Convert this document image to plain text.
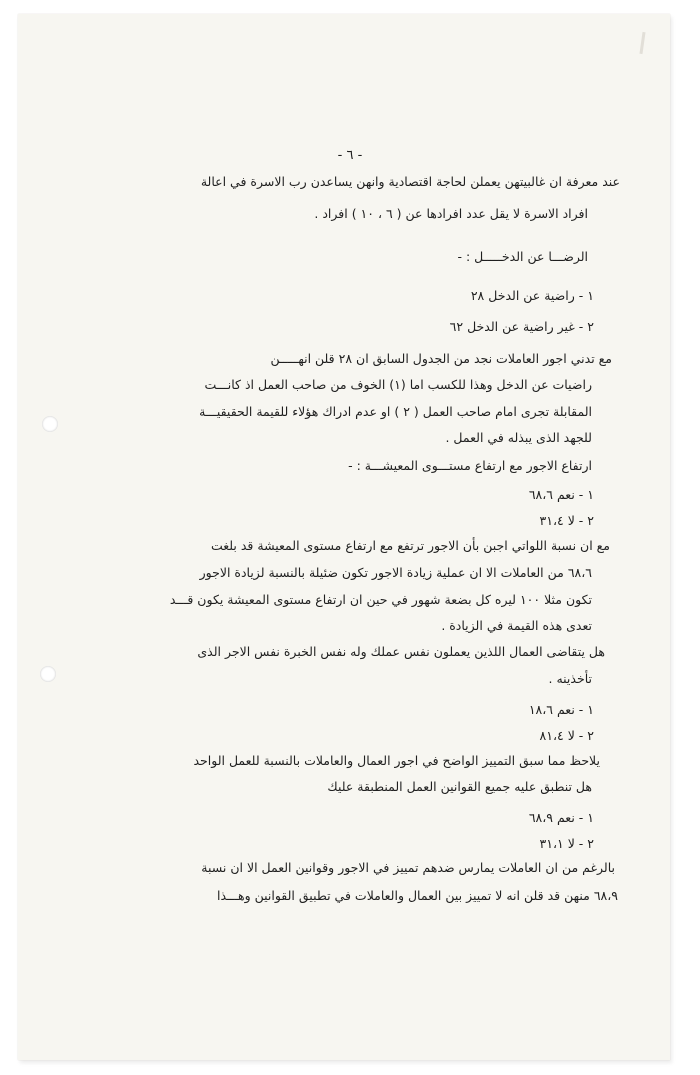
- ٦ -
عند معرفة ان غالبيتهن يعملن لحاجة اقتصادية وانهن يساعدن رب الاسرة في اعالة
افراد الاسرة لا يقل عدد افرادها عن ( ٦ ، ١٠ ) افراد .
الرضـــا عن الدخـــــل : -
١ - راضية عن الدخل ٢٨
٢ - غير راضية عن الدخل ٦٢
مع تدني اجور العاملات نجد من الجدول السابق ان ٢٨ قلن انهـــــن
راضيات عن الدخل وهذا للكسب اما (١) الخوف من صاحب العمل اذ كانـــت
المقابلة تجرى امام صاحب العمل ( ٢ ) او عدم ادراك هؤلاء للقيمة الحقيقيـــة
للجهد الذى يبذله في العمل .
ارتفاع الاجور مع ارتفاع مستـــوى المعيشـــة : -
١ - نعم ٦٨،٦
٢ - لا ٣١،٤
مع ان نسبة اللواتي اجبن بأن الاجور ترتفع مع ارتفاع مستوى المعيشة قد بلغت
٦٨،٦ من العاملات الا ان عملية زيادة الاجور تكون ضئيلة بالنسبة لزيادة الاجور
تكون مثلا ١٠٠ ليره كل بضعة شهور في حين ان ارتفاع مستوى المعيشة يكون قـــد
تعدى هذه القيمة في الزيادة .
هل يتقاضى العمال اللذين يعملون نفس عملك وله نفس الخبرة نفس الاجر الذى
تأخذينه .
١ - نعم ١٨،٦
٢ - لا ٨١،٤
يلاحظ مما سبق التمييز الواضح في اجور العمال والعاملات بالنسبة للعمل الواحد
هل تنطبق عليه جميع القوانين العمل المنطبقة عليك
١ - نعم ٦٨،٩
٢ - لا ٣١،١
بالرغم من ان العاملات يمارس ضدهم تمييز في الاجور وقوانين العمل الا ان نسبة
٦٨،٩ منهن قد قلن انه لا تمييز بين العمال والعاملات في تطبيق القوانين وهـــذا
